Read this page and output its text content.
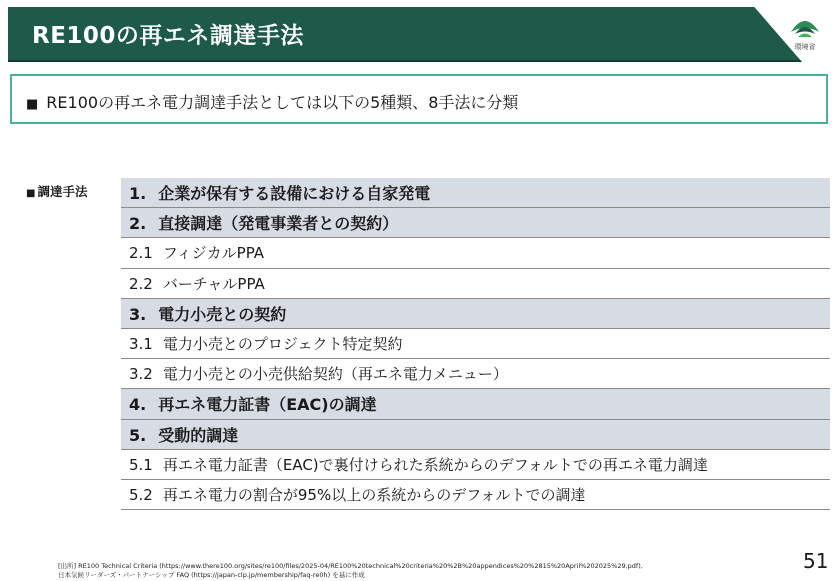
RE100の再エネ調達手法	環境省
■ RE100の再エネ電力調達手法としては以下の5種類、8手法に分類
■ 調達手法	1. 企業が保有する設備における自家発電
2. 直接調達（発電事業者との契約）
2.1 フィジカルPPA
2.2 バーチャルPPA
3. 電力小売との契約
3.1 電力小売とのプロジェクト特定契約
3.2 電力小売との小売供給契約（再エネ電力メニュー）
4. 再エネ電力証書（EAC)の調達
5. 受動的調達
5.1 再エネ電力証書（EAC)で裏付けられた系統からのデフォルトでの再エネ電力調達
5.2 再エネ電力の割合が95%以上の系統からのデフォルトでの調達
[出所] RE100 Technical Criteria (https://www.there100.org/sites/re100/files/2025-04/RE100%20technical%20criteria%20%2B%20appendices%20%2815%20April%202025%29.pdf),
日本気候リーダーズ・パートナーシップ FAQ (https://japan-clp.jp/membership/faq-re0h) を基に作成
51
